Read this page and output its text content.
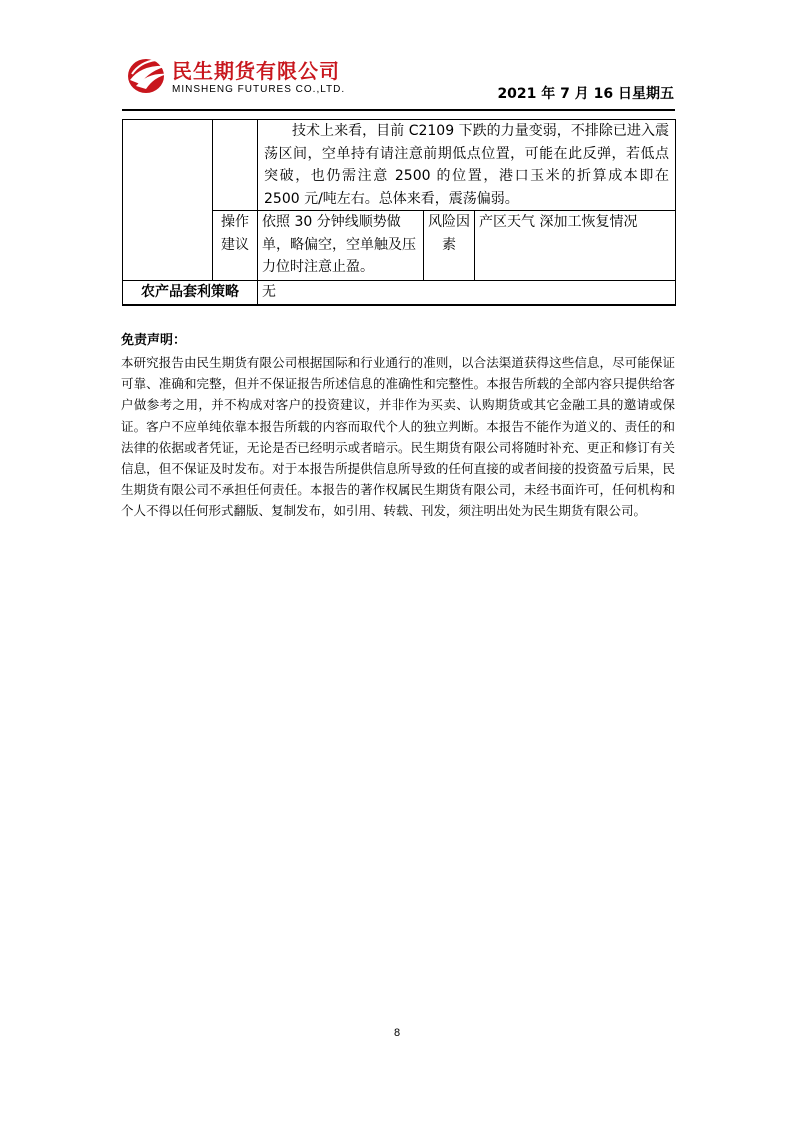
民生期货有限公司
MINSHENG FUTURES CO.,LTD.	2021 年 7 月 16 日星期五

		技术上来看，目前 C2109 下跌的力量变弱，不排除已进入震荡区间，空单持有请注意前期低点位置，可能在此反弹，若低点突破，也仍需注意 2500 的位置，港口玉米的折算成本即在 2500 元/吨左右。总体来看，震荡偏弱。		

	操作建议	依照 30 分钟线顺势做单，略偏空，空单触及压力位时注意止盈。	风险因素	产区天气 深加工恢复情况
农产品套利策略		无		
免责声明：
本研究报告由民生期货有限公司根据国际和行业通行的准则，以合法渠道获得这些信息，尽可能保证可靠、准确和完整，但并不保证报告所述信息的准确性和完整性。本报告所载的全部内容只提供给客户做参考之用，并不构成对客户的投资建议，并非作为买卖、认购期货或其它金融工具的邀请或保证。客户不应单纯依靠本报告所载的内容而取代个人的独立判断。本报告不能作为道义的、责任的和法律的依据或者凭证，无论是否已经明示或者暗示。民生期货有限公司将随时补充、更正和修订有关信息，但不保证及时发布。对于本报告所提供信息所导致的任何直接的或者间接的投资盈亏后果，民生期货有限公司不承担任何责任。本报告的著作权属民生期货有限公司，未经书面许可，任何机构和个人不得以任何形式翻版、复制发布，如引用、转载、刊发，须注明出处为民生期货有限公司。
8
